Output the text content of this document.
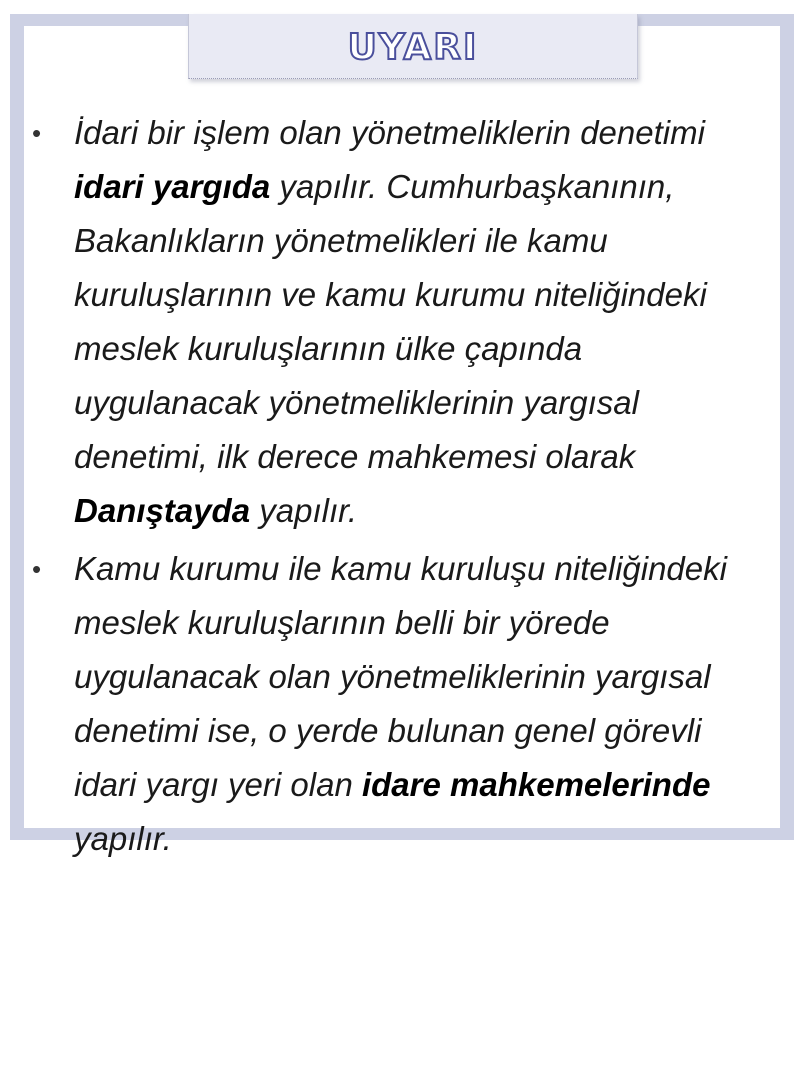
UYARI
• İdari bir işlem olan yönetmeliklerin denetimi idari yargıda yapılır. Cumhurbaşkanının, Bakanlıkların yönetmelikleri ile kamu kuruluşlarının ve kamu kurumu niteliğindeki meslek kuruluşlarının ülke çapında uygulanacak yönetmeliklerinin yargısal denetimi, ilk derece mahkemesi olarak Danıştayda yapılır.
• Kamu kurumu ile kamu kuruluşu niteliğindeki meslek kuruluşlarının belli bir yörede uygulanacak olan yönetmeliklerinin yargısal denetimi ise, o yerde bulunan genel görevli idari yargı yeri olan idare mahkemelerinde yapılır.
